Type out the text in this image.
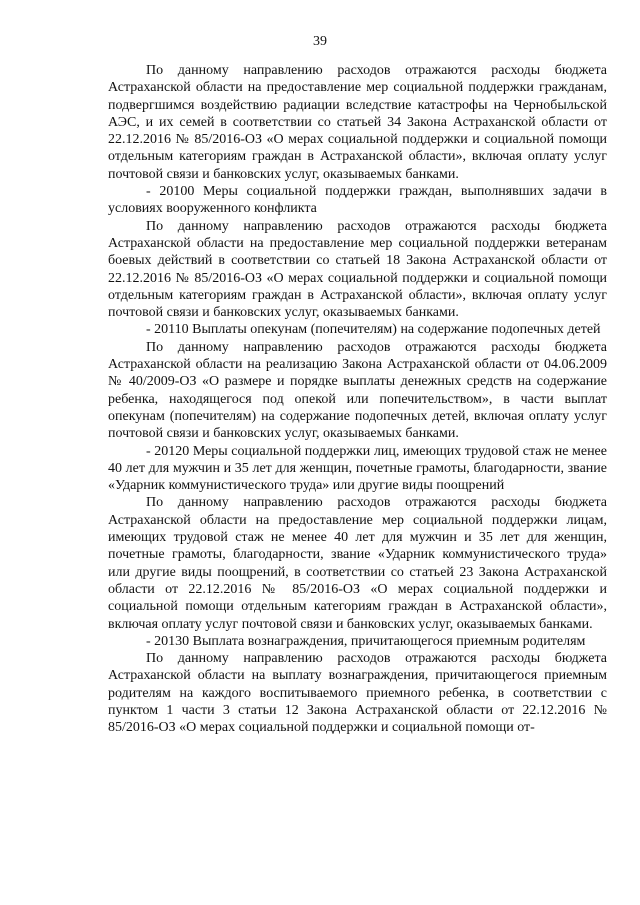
39

По данному направлению расходов отражаются расходы бюджета Астраханской области на предоставление мер социальной поддержки гражданам, подвергшимся воздействию радиации вследствие катастрофы на Чернобыльской АЭС, и их семей в соответствии со статьей 34 Закона Астраханской области от 22.12.2016 № 85/2016-ОЗ «О мерах социальной поддержки и социальной помощи отдельным категориям граждан в Астраханской области», включая оплату услуг почтовой связи и банковских услуг, оказываемых банками.

- 20100 Меры социальной поддержки граждан, выполнявших задачи в условиях вооруженного конфликта

По данному направлению расходов отражаются расходы бюджета Астраханской области на предоставление мер социальной поддержки ветеранам боевых действий в соответствии со статьей 18 Закона Астраханской области от 22.12.2016 № 85/2016-ОЗ «О мерах социальной поддержки и социальной помощи отдельным категориям граждан в Астраханской области», включая оплату услуг почтовой связи и банковских услуг, оказываемых банками.

- 20110 Выплаты опекунам (попечителям) на содержание подопечных детей

По данному направлению расходов отражаются расходы бюджета Астраханской области на реализацию Закона Астраханской области от 04.06.2009 № 40/2009-ОЗ «О размере и порядке выплаты денежных средств на содержание ребенка, находящегося под опекой или попечительством», в части выплат опекунам (попечителям) на содержание подопечных детей, включая оплату услуг почтовой связи и банковских услуг, оказываемых банками.

- 20120 Меры социальной поддержки лиц, имеющих трудовой стаж не менее 40 лет для мужчин и 35 лет для женщин, почетные грамоты, благодарности, звание «Ударник коммунистического труда» или другие виды поощрений

По данному направлению расходов отражаются расходы бюджета Астраханской области на предоставление мер социальной поддержки лицам, имеющих трудовой стаж не менее 40 лет для мужчин и 35 лет для женщин, почетные грамоты, благодарности, звание «Ударник коммунистического труда» или другие виды поощрений, в соответствии со статьей 23 Закона Астраханской области от 22.12.2016 № 85/2016-ОЗ «О мерах социальной поддержки и социальной помощи отдельным категориям граждан в Астраханской области», включая оплату услуг почтовой связи и банковских услуг, оказываемых банками.

- 20130 Выплата вознаграждения, причитающегося приемным родителям

По данному направлению расходов отражаются расходы бюджета Астраханской области на выплату вознаграждения, причитающегося приемным родителям на каждого воспитываемого приемного ребенка, в соответствии с пунктом 1 части 3 статьи 12 Закона Астраханской области от 22.12.2016 № 85/2016-ОЗ «О мерах социальной поддержки и социальной помощи от-
